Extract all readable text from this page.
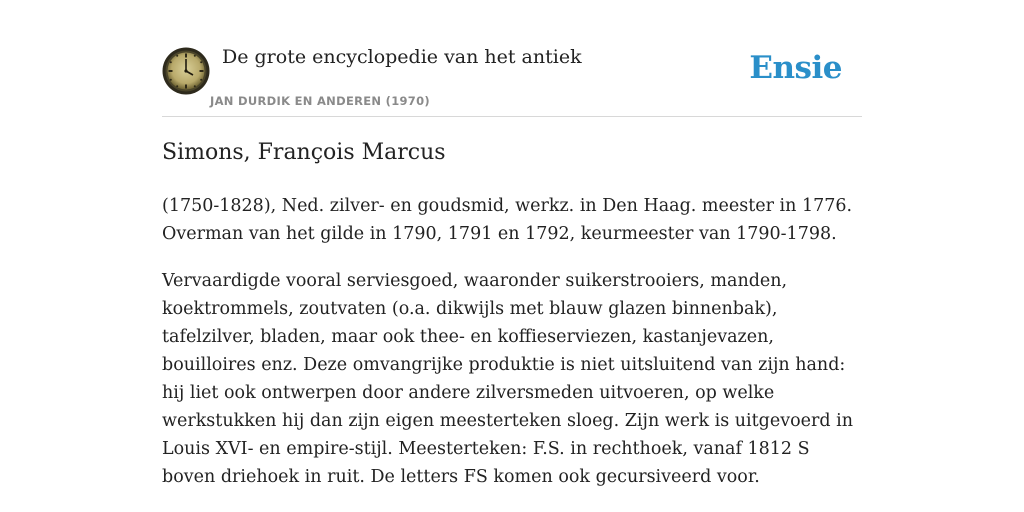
De grote encyclopedie van het antiek
JAN DURDIK EN ANDEREN (1970)
Ensie
Simons, François Marcus

(1750-1828), Ned. zilver- en goudsmid, werkz. in Den Haag. meester in 1776. Overman van het gilde in 1790, 1791 en 1792, keurmeester van 1790-1798.

Vervaardigde vooral serviesgoed, waaronder suikerstrooiers, manden, koektrommels, zoutvaten (o.a. dikwijls met blauw glazen binnenbak), tafelzilver, bladen, maar ook thee- en koffieserviezen, kastanjevazen, bouilloires enz. Deze omvangrijke produktie is niet uitsluitend van zijn hand: hij liet ook ontwerpen door andere zilversmeden uitvoeren, op welke werkstukken hij dan zijn eigen meesterteken sloeg. Zijn werk is uitgevoerd in Louis XVI- en empire-stijl. Meesterteken: F.S. in rechthoek, vanaf 1812 S boven driehoek in ruit. De letters FS komen ook gecursiveerd voor.
